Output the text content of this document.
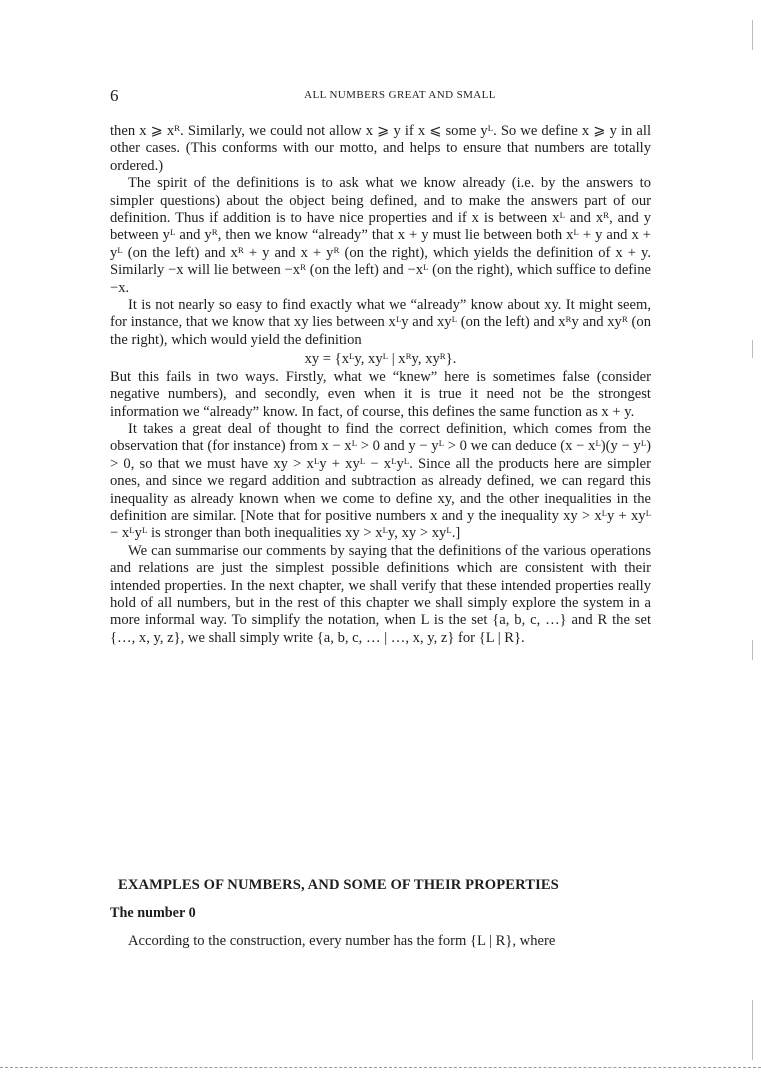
6	ALL NUMBERS GREAT AND SMALL

then x ⩾ xᴿ. Similarly, we could not allow x ⩾ y if x ⩽ some yᴸ. So we define x ⩾ y in all other cases. (This conforms with our motto, and helps to ensure that numbers are totally ordered.)

The spirit of the definitions is to ask what we know already (i.e. by the answers to simpler questions) about the object being defined, and to make the answers part of our definition. Thus if addition is to have nice properties and if x is between xᴸ and xᴿ, and y between yᴸ and yᴿ, then we know “already” that x + y must lie between both xᴸ + y and x + yᴸ (on the left) and xᴿ + y and x + yᴿ (on the right), which yields the definition of x + y. Similarly −x will lie between −xᴿ (on the left) and −xᴸ (on the right), which suffice to define −x.

It is not nearly so easy to find exactly what we “already” know about xy. It might seem, for instance, that we know that xy lies between xᴸy and xyᴸ (on the left) and xᴿy and xyᴿ (on the right), which would yield the definition

xy = {xᴸy, xyᴸ | xᴿy, xyᴿ}.

But this fails in two ways. Firstly, what we “knew” here is sometimes false (consider negative numbers), and secondly, even when it is true it need not be the strongest information we “already” know. In fact, of course, this defines the same function as x + y.

It takes a great deal of thought to find the correct definition, which comes from the observation that (for instance) from x − xᴸ > 0 and y − yᴸ > 0 we can deduce (x − xᴸ)(y − yᴸ) > 0, so that we must have xy > xᴸy + xyᴸ − xᴸyᴸ. Since all the products here are simpler ones, and since we regard addition and subtraction as already defined, we can regard this inequality as already known when we come to define xy, and the other inequalities in the definition are similar. [Note that for positive numbers x and y the inequality xy > xᴸy + xyᴸ − xᴸyᴸ is stronger than both inequalities xy > xᴸy, xy > xyᴸ.]

We can summarise our comments by saying that the definitions of the various operations and relations are just the simplest possible definitions which are consistent with their intended properties. In the next chapter, we shall verify that these intended properties really hold of all numbers, but in the rest of this chapter we shall simply explore the system in a more informal way. To simplify the notation, when L is the set {a, b, c, …} and R the set {…, x, y, z}, we shall simply write {a, b, c, … | …, x, y, z} for {L | R}.

EXAMPLES OF NUMBERS, AND SOME OF THEIR PROPERTIES
The number 0
According to the construction, every number has the form {L | R}, where
